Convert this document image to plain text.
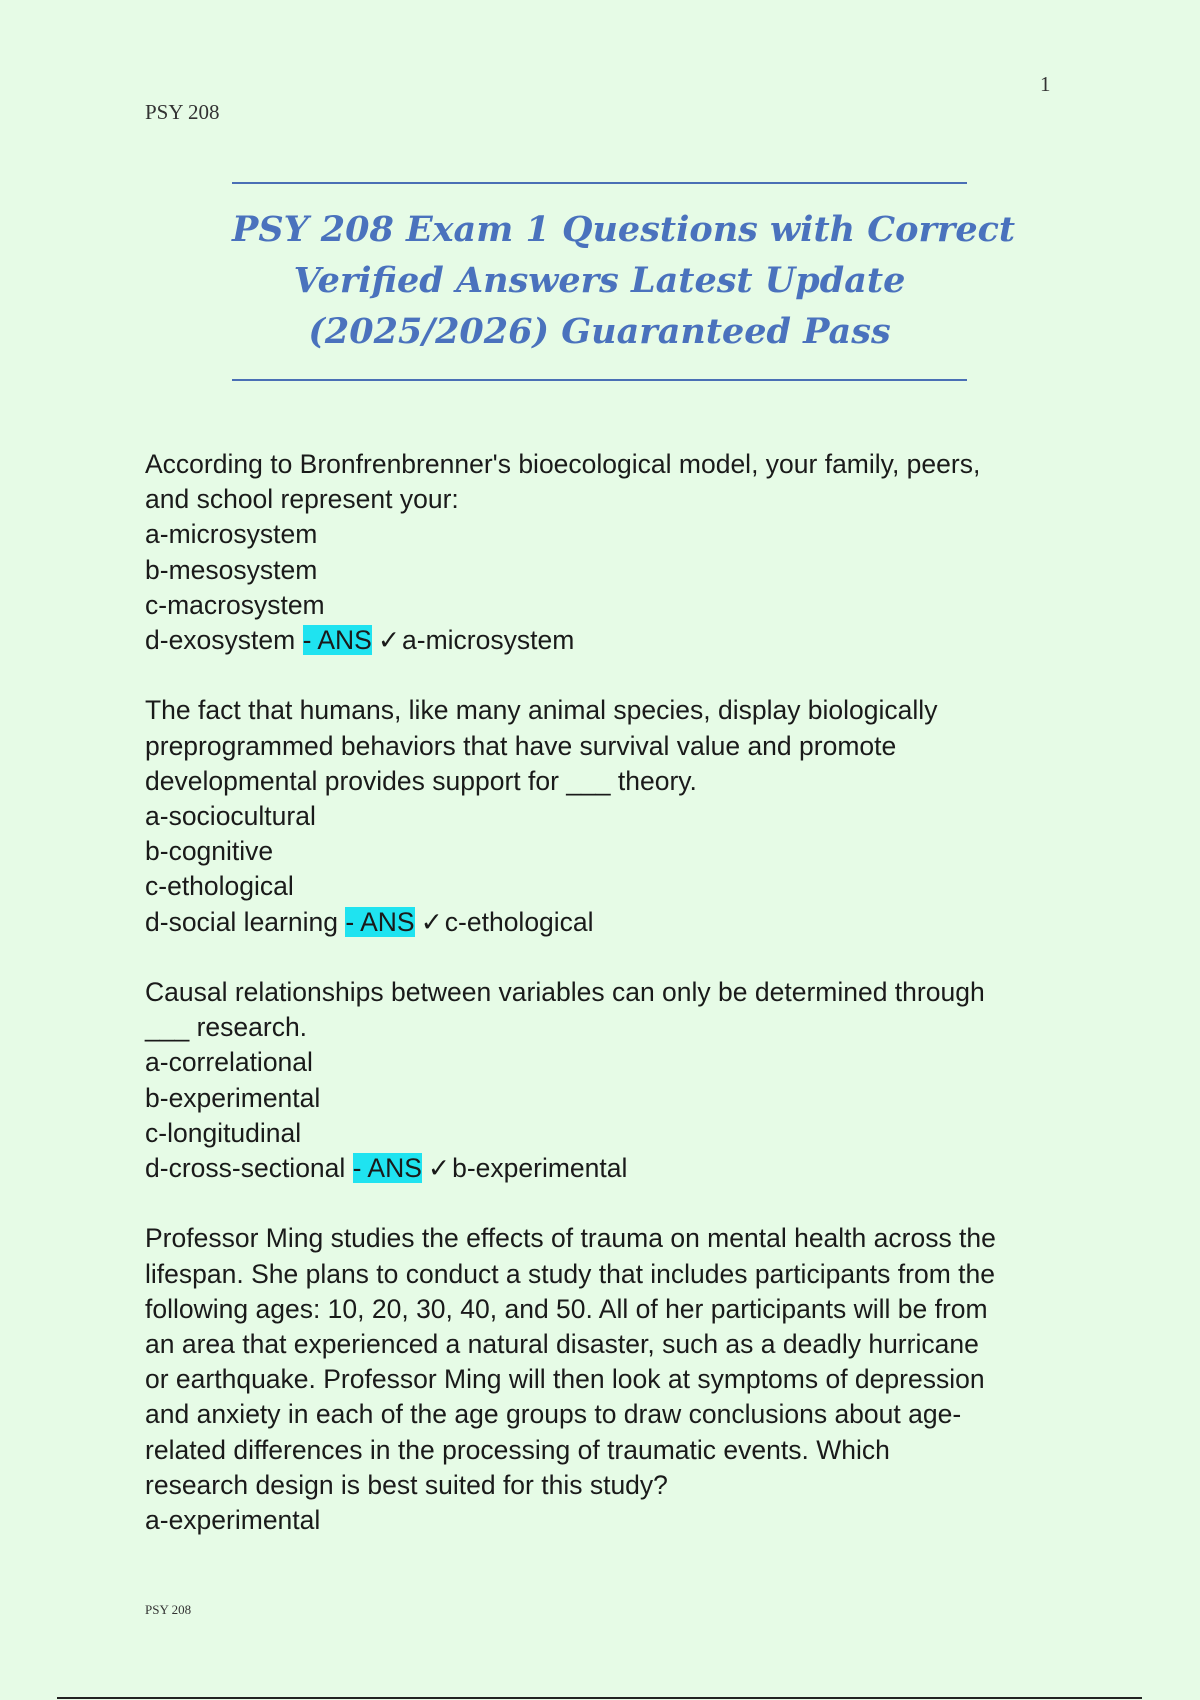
1
PSY 208
PSY 208 Exam 1 Questions with Correct
Verified Answers Latest Update
(2025/2026) Guaranteed Pass
According to Bronfrenbrenner's bioecological model, your family, peers,
and school represent your:
a-microsystem
b-mesosystem
c-macrosystem
d-exosystem - ANS ✓a-microsystem
The fact that humans, like many animal species, display biologically
preprogrammed behaviors that have survival value and promote
developmental provides support for ___ theory.
a-sociocultural
b-cognitive
c-ethological
d-social learning - ANS ✓c-ethological
Causal relationships between variables can only be determined through
___ research.
a-correlational
b-experimental
c-longitudinal
d-cross-sectional - ANS ✓b-experimental
Professor Ming studies the effects of trauma on mental health across the
lifespan. She plans to conduct a study that includes participants from the
following ages: 10, 20, 30, 40, and 50. All of her participants will be from
an area that experienced a natural disaster, such as a deadly hurricane
or earthquake. Professor Ming will then look at symptoms of depression
and anxiety in each of the age groups to draw conclusions about age-
related differences in the processing of traumatic events. Which
research design is best suited for this study?
a-experimental
PSY 208
